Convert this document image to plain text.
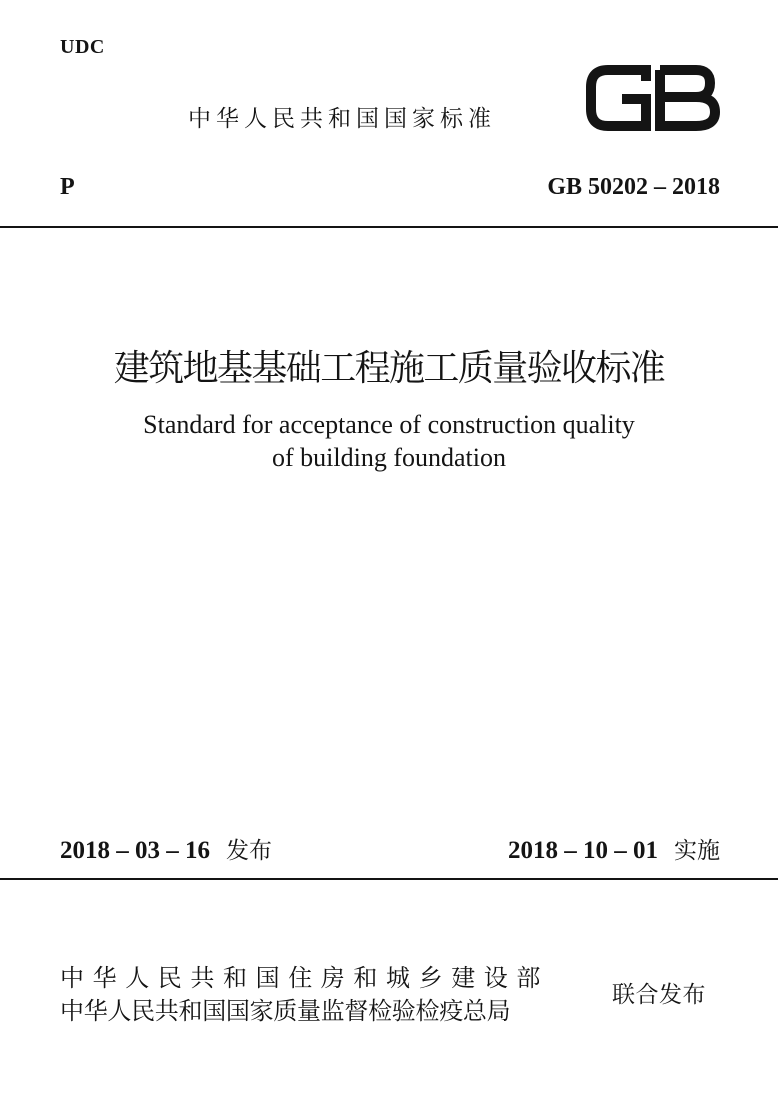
UDC
中华人民共和国国家标准
P	GB 50202 – 2018
建筑地基基础工程施工质量验收标准
Standard for acceptance of construction quality
of building foundation
2018 – 03 – 16 发布	2018 – 10 – 01 实施
中华人民共和国住房和城乡建设部
中华人民共和国国家质量监督检验检疫总局
联合发布
